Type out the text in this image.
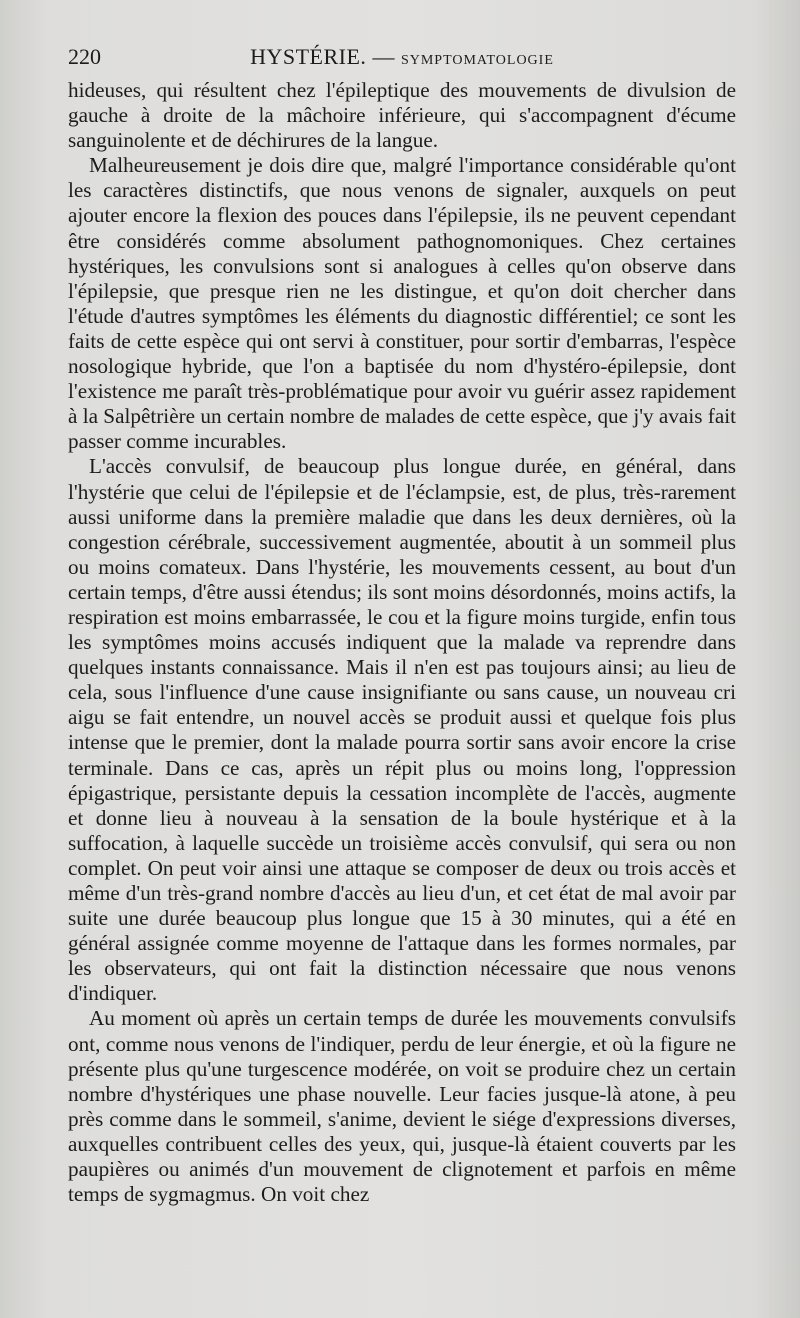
220	HYSTÉRIE. — SYMPTOMATOLOGIE

hideuses, qui résultent chez l'épileptique des mouvements de divulsion de gauche à droite de la mâchoire inférieure, qui s'accompagnent d'écume sanguinolente et de déchirures de la langue.

Malheureusement je dois dire que, malgré l'importance considérable qu'ont les caractères distinctifs, que nous venons de signaler, auxquels on peut ajouter encore la flexion des pouces dans l'épilepsie, ils ne peuvent cependant être considérés comme absolument pathognomoniques. Chez certaines hystériques, les convulsions sont si analogues à celles qu'on observe dans l'épilepsie, que presque rien ne les distingue, et qu'on doit chercher dans l'étude d'autres symptômes les éléments du diagnostic différentiel; ce sont les faits de cette espèce qui ont servi à constituer, pour sortir d'embarras, l'espèce nosologique hybride, que l'on a baptisée du nom d'hystéro-épilepsie, dont l'existence me paraît très-problématique pour avoir vu guérir assez rapidement à la Salpêtrière un certain nombre de malades de cette espèce, que j'y avais fait passer comme incurables.

L'accès convulsif, de beaucoup plus longue durée, en général, dans l'hystérie que celui de l'épilepsie et de l'éclampsie, est, de plus, très-rarement aussi uniforme dans la première maladie que dans les deux dernières, où la congestion cérébrale, successivement augmentée, aboutit à un sommeil plus ou moins comateux. Dans l'hystérie, les mouvements cessent, au bout d'un certain temps, d'être aussi étendus; ils sont moins désordonnés, moins actifs, la respiration est moins embarrassée, le cou et la figure moins turgide, enfin tous les symptômes moins accusés indiquent que la malade va reprendre dans quelques instants connaissance. Mais il n'en est pas toujours ainsi; au lieu de cela, sous l'influence d'une cause insignifiante ou sans cause, un nouveau cri aigu se fait entendre, un nouvel accès se produit aussi et quelque fois plus intense que le premier, dont la malade pourra sortir sans avoir encore la crise terminale. Dans ce cas, après un répit plus ou moins long, l'oppression épigastrique, persistante depuis la cessation incomplète de l'accès, augmente et donne lieu à nouveau à la sensation de la boule hystérique et à la suffocation, à laquelle succède un troisième accès convulsif, qui sera ou non complet. On peut voir ainsi une attaque se composer de deux ou trois accès et même d'un très-grand nombre d'accès au lieu d'un, et cet état de mal avoir par suite une durée beaucoup plus longue que 15 à 30 minutes, qui a été en général assignée comme moyenne de l'attaque dans les formes normales, par les observateurs, qui ont fait la distinction nécessaire que nous venons d'indiquer.

Au moment où après un certain temps de durée les mouvements convulsifs ont, comme nous venons de l'indiquer, perdu de leur énergie, et où la figure ne présente plus qu'une turgescence modérée, on voit se produire chez un certain nombre d'hystériques une phase nouvelle. Leur facies jusque-là atone, à peu près comme dans le sommeil, s'anime, devient le siége d'expressions diverses, auxquelles contribuent celles des yeux, qui, jusque-là étaient couverts par les paupières ou animés d'un mouvement de clignotement et parfois en même temps de sygmagmus. On voit chez
